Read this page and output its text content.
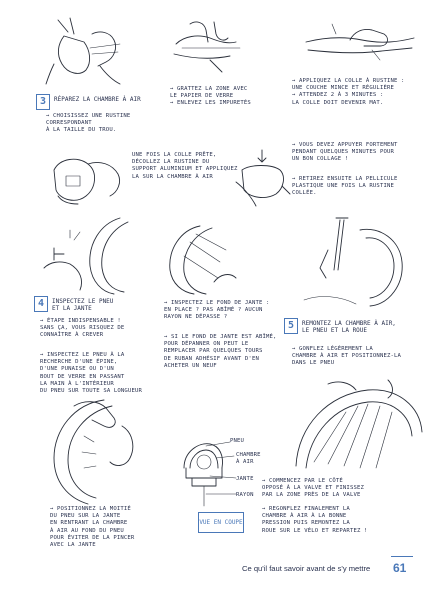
3	RÉPAREZ LA CHAMBRE À AIR
→ CHOISISSEZ UNE RUSTINE CORRESPONDANT
À LA TAILLE DU TROU.
→ GRATTEZ LA ZONE AVEC
LE PAPIER DE VERRE
→ ENLEVEZ LES IMPURETÉS
→ APPLIQUEZ LA COLLE À RUSTINE :
UNE COUCHE MINCE ET RÉGULIÈRE
→ ATTENDEZ 2 À 3 MINUTES :
LA COLLE DOIT DEVENIR MAT.
UNE FOIS LA COLLE PRÊTE,
DÉCOLLEZ LA RUSTINE DU
SUPPORT ALUMINIUM ET APPLIQUEZ
LA SUR LA CHAMBRE À AIR
→ VOUS DEVEZ APPUYER FORTEMENT
PENDANT QUELQUES MINUTES POUR
UN BON COLLAGE !
→ RETIREZ ENSUITE LA PELLICULE
PLASTIQUE UNE FOIS LA RUSTINE
COLLÉE.
4	INSPECTEZ LE PNEU
ET LA JANTE
→ ÉTAPE INDISPENSABLE !
SANS ÇA, VOUS RISQUEZ DE
CONNAÎTRE À CREVER
→ INSPECTEZ LE PNEU À LA
RECHERCHE D'UNE ÉPINE,
D'UNE PUNAISE OU D'UN
BOUT DE VERRE EN PASSANT
LA MAIN À L'INTÉRIEUR
DU PNEU SUR TOUTE SA LONGUEUR
→ INSPECTEZ LE FOND DE JANTE :
EN PLACE ? PAS ABÎMÉ ? AUCUN
RAYON NE DÉPASSE ?
→ SI LE FOND DE JANTE EST ABÎMÉ,
POUR DÉPANNER ON PEUT LE
REMPLACER PAR QUELQUES TOURS
DE RUBAN ADHÉSIF AVANT D'EN
ACHETER UN NEUF
5	REMONTEZ LA CHAMBRE À AIR,
LE PNEU ET LA ROUE
→ GONFLEZ LÉGÈREMENT LA
CHAMBRE À AIR ET POSITIONNEZ-LA
DANS LE PNEU
PNEU
CHAMBRE
À AIR
JANTE
RAYON
VUE EN COUPE
→ POSITIONNEZ LA MOITIÉ
DU PNEU SUR LA JANTE
EN RENTRANT LA CHAMBRE
À AIR AU FOND DU PNEU
POUR ÉVITER DE LA PINCER
AVEC LA JANTE
→ COMMENCEZ PAR LE CÔTÉ
OPPOSÉ À LA VALVE ET FINISSEZ
PAR LA ZONE PRÈS DE LA VALVE
→ REGONFLEZ FINALEMENT LA
CHAMBRE À AIR À LA BONNE
PRESSION PUIS REMONTEZ LA
ROUE SUR LE VÉLO ET REPARTEZ !
Ce qu'il faut savoir avant de s'y mettre 61
